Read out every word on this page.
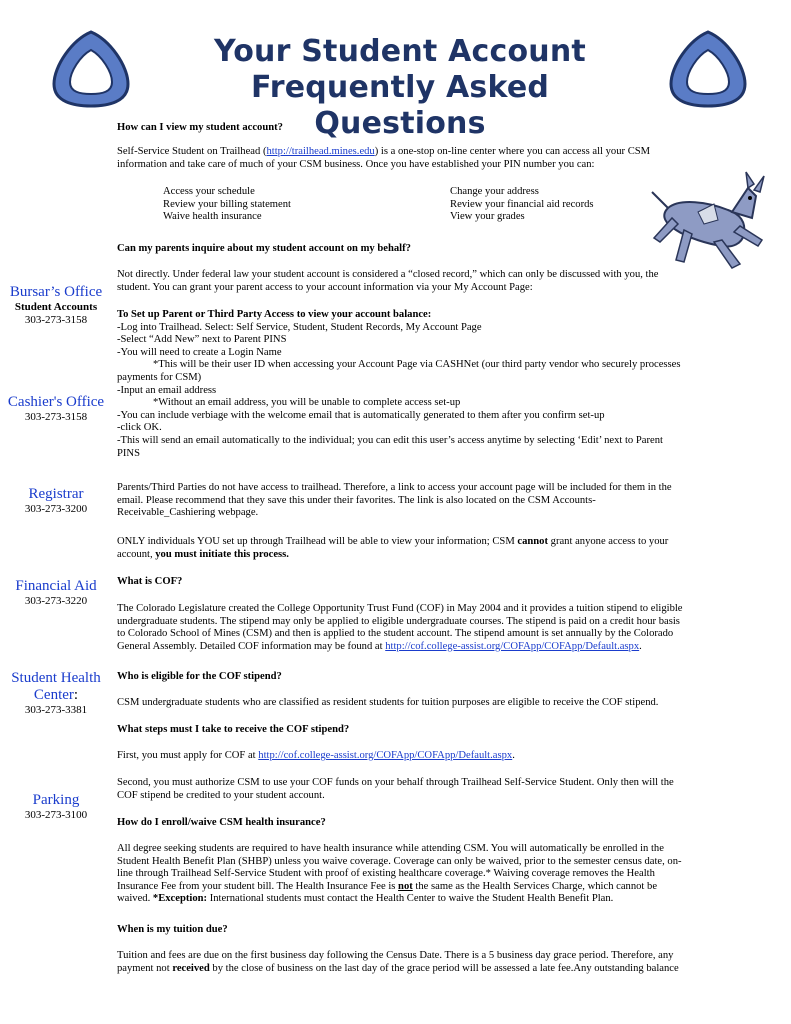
Your Student Account
Frequently Asked Questions
Bursar’s Office
Student Accounts
303-273-3158
Cashier's Office
303-273-3158
Registrar
303-273-3200
Financial Aid
303-273-3220
Student Health
Center:
303-273-3381
Parking
303-273-3100
How can I view my student account?
Self-Service Student on Trailhead (http://trailhead.mines.edu) is a one-stop on-line center where you can access all your CSM
information and take care of much of your CSM business. Once you have established your PIN number you can:
Access your schedule
Review your billing statement
Waive health insurance
Change your address
Review your financial aid records
View your grades
Can my parents inquire about my student account on my behalf?
Not directly. Under federal law your student account is considered a “closed record,” which can only be discussed with you, the
student. You can grant your parent access to your account information via your My Account Page:
To Set up Parent or Third Party Access to view your account balance:
-Log into Trailhead. Select: Self Service, Student, Student Records, My Account Page
-Select “Add New” next to Parent PINS
-You will need to create a Login Name
*This will be their user ID when accessing your Account Page via CASHNet (our third party vendor who securely processes
payments for CSM)
-Input an email address
*Without an email address, you will be unable to complete access set-up
-You can include verbiage with the welcome email that is automatically generated to them after you confirm set-up
-click OK.
-This will send an email automatically to the individual; you can edit this user’s access anytime by selecting ‘Edit’ next to Parent
PINS
Parents/Third Parties do not have access to trailhead. Therefore, a link to access your account page will be included for them in the
email. Please recommend that they save this under their favorites. The link is also located on the CSM Accounts-
Receivable_Cashiering webpage.
ONLY individuals YOU set up through Trailhead will be able to view your information; CSM cannot grant anyone access to your
account, you must initiate this process.
What is COF?
The Colorado Legislature created the College Opportunity Trust Fund (COF) in May 2004 and it provides a tuition stipend to eligible
undergraduate students. The stipend may only be applied to eligible undergraduate courses. The stipend is paid on a credit hour basis
to Colorado School of Mines (CSM) and then is applied to the student account. The stipend amount is set annually by the Colorado
General Assembly. Detailed COF information may be found at http://cof.college-assist.org/COFApp/COFApp/Default.aspx.
Who is eligible for the COF stipend?
CSM undergraduate students who are classified as resident students for tuition purposes are eligible to receive the COF stipend.
What steps must I take to receive the COF stipend?
First, you must apply for COF at http://cof.college-assist.org/COFApp/COFApp/Default.aspx.
Second, you must authorize CSM to use your COF funds on your behalf through Trailhead Self-Service Student. Only then will the
COF stipend be credited to your student account.
How do I enroll/waive CSM health insurance?
All degree seeking students are required to have health insurance while attending CSM. You will automatically be enrolled in the
Student Health Benefit Plan (SHBP) unless you waive coverage. Coverage can only be waived, prior to the semester census date, on-
line through Trailhead Self-Service Student with proof of existing healthcare coverage.* Waiving coverage removes the Health
Insurance Fee from your student bill. The Health Insurance Fee is not the same as the Health Services Charge, which cannot be
waived. *Exception: International students must contact the Health Center to waive the Student Health Benefit Plan.
When is my tuition due?
Tuition and fees are due on the first business day following the Census Date. There is a 5 business day grace period. Therefore, any
payment not received by the close of business on the last day of the grace period will be assessed a late fee.Any outstanding balance
